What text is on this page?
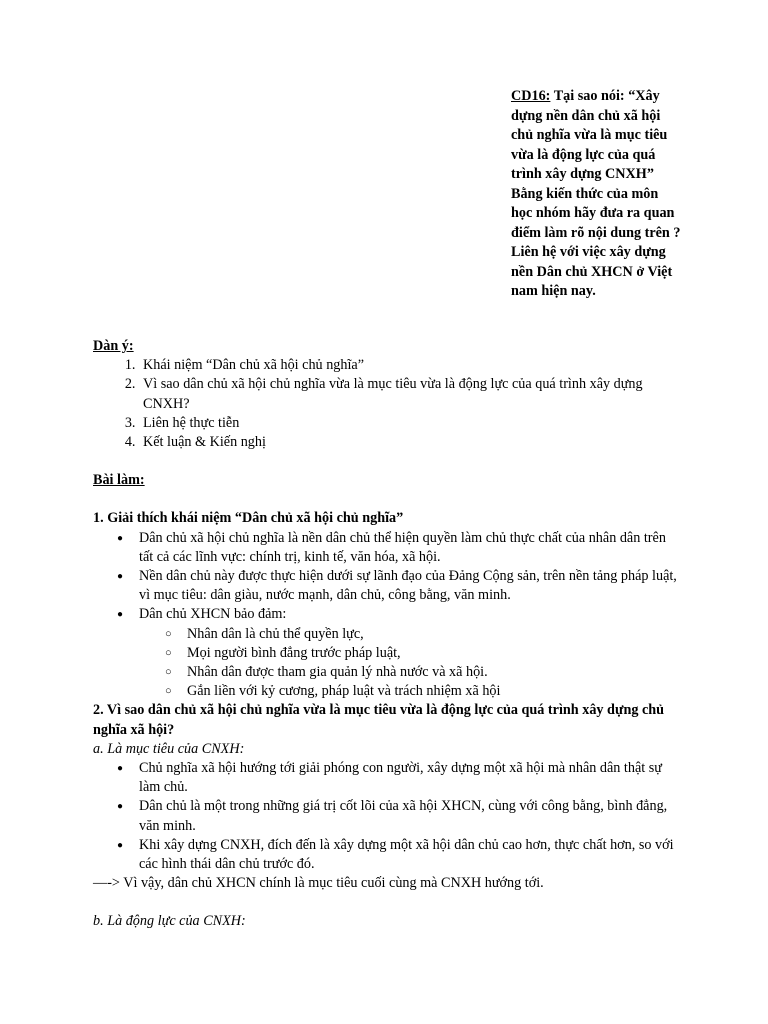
CD16: Tại sao nói: “Xây dựng nền dân chủ xã hội chủ nghĩa vừa là mục tiêu vừa là động lực của quá trình xây dựng CNXH” Bằng kiến thức của môn học nhóm hãy đưa ra quan điểm làm rõ nội dung trên ? Liên hệ với việc xây dựng nền Dân chủ XHCN ở Việt nam hiện nay.
Dàn ý:
1. Khái niệm “Dân chủ xã hội chủ nghĩa”
2. Vì sao dân chủ xã hội chủ nghĩa vừa là mục tiêu vừa là động lực của quá trình xây dựng CNXH?
3. Liên hệ thực tiễn
4. Kết luận & Kiến nghị
Bài làm:
1. Giải thích khái niệm “Dân chủ xã hội chủ nghĩa”
● Dân chủ xã hội chủ nghĩa là nền dân chủ thể hiện quyền làm chủ thực chất của nhân dân trên tất cả các lĩnh vực: chính trị, kinh tế, văn hóa, xã hội.
● Nền dân chủ này được thực hiện dưới sự lãnh đạo của Đảng Cộng sản, trên nền tảng pháp luật, vì mục tiêu: dân giàu, nước mạnh, dân chủ, công bằng, văn minh.
● Dân chủ XHCN bảo đảm:
○ Nhân dân là chủ thể quyền lực,
○ Mọi người bình đẳng trước pháp luật,
○ Nhân dân được tham gia quản lý nhà nước và xã hội.
○ Gắn liền với kỷ cương, pháp luật và trách nhiệm xã hội
2. Vì sao dân chủ xã hội chủ nghĩa vừa là mục tiêu vừa là động lực của quá trình xây dựng chủ nghĩa xã hội?
a. Là mục tiêu của CNXH:
● Chủ nghĩa xã hội hướng tới giải phóng con người, xây dựng một xã hội mà nhân dân thật sự làm chủ.
● Dân chủ là một trong những giá trị cốt lõi của xã hội XHCN, cùng với công bằng, bình đẳng, văn minh.
● Khi xây dựng CNXH, đích đến là xây dựng một xã hội dân chủ cao hơn, thực chất hơn, so với các hình thái dân chủ trước đó.
—-> Vì vậy, dân chủ XHCN chính là mục tiêu cuối cùng mà CNXH hướng tới.
b. Là động lực của CNXH:
